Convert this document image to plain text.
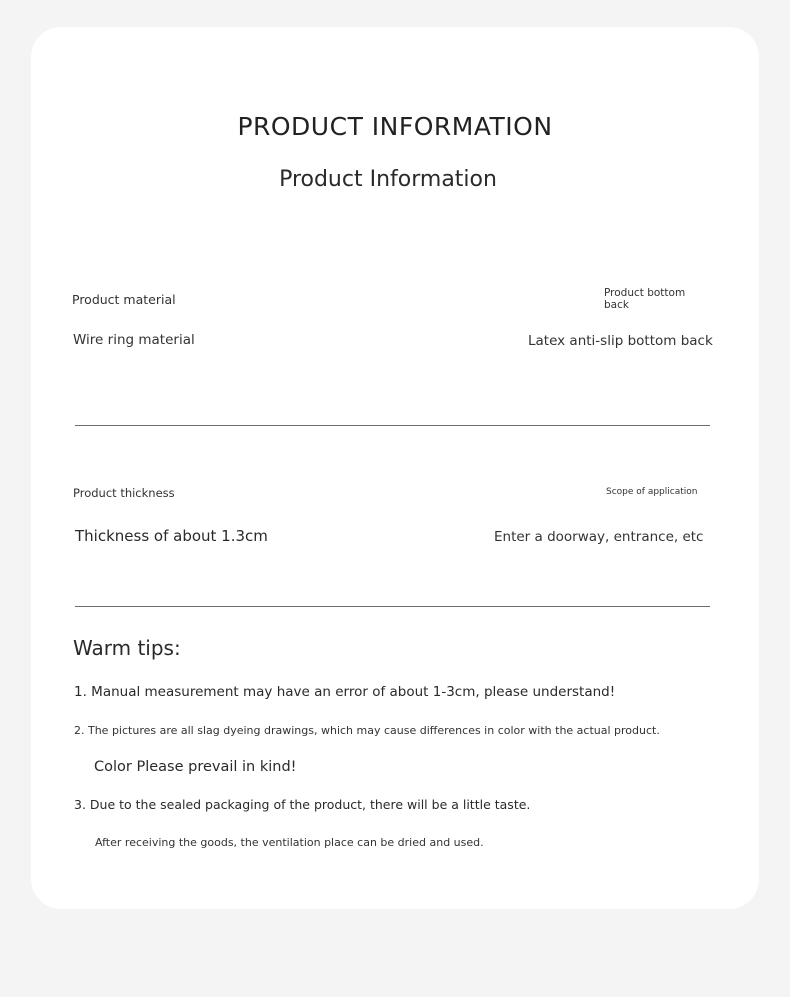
PRODUCT INFORMATION
Product Information
Product material
Wire ring material
Product bottom
back
Latex anti-slip bottom back
Product thickness
Thickness of about 1.3cm
Scope of application
Enter a doorway, entrance, etc
Warm tips:
1. Manual measurement may have an error of about 1-3cm, please understand!
2. The pictures are all slag dyeing drawings, which may cause differences in color with the actual product.
Color Please prevail in kind!
3. Due to the sealed packaging of the product, there will be a little taste.
After receiving the goods, the ventilation place can be dried and used.
